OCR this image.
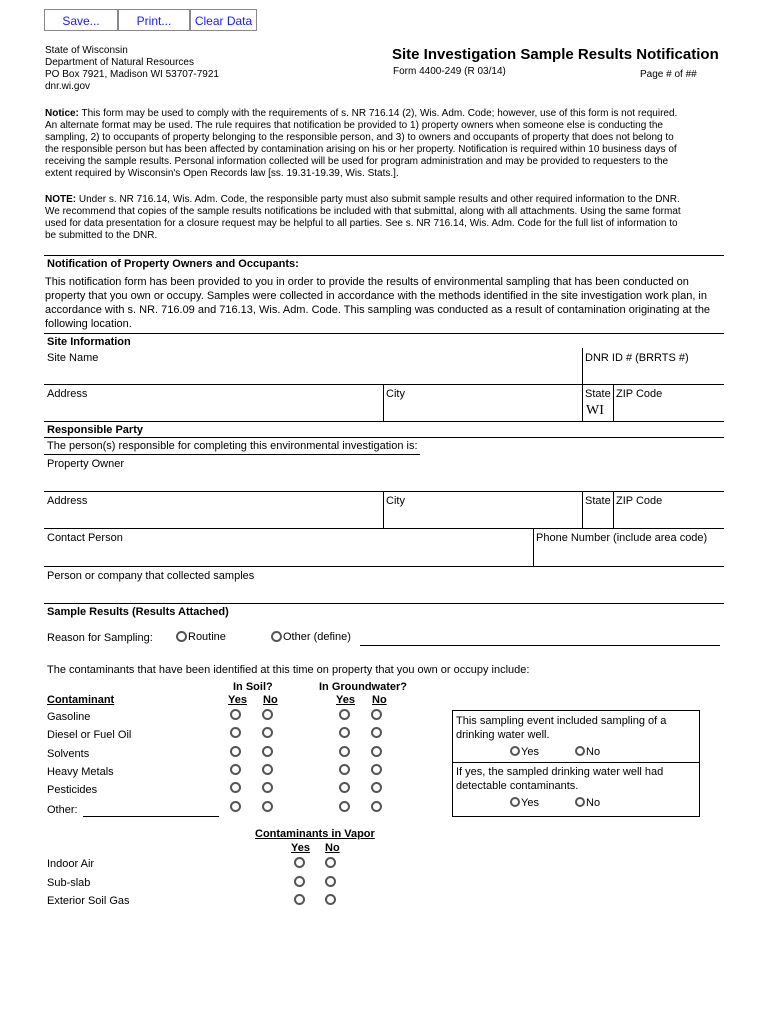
Save...	Print...	Clear Data
State of Wisconsin
Department of Natural Resources
PO Box 7921, Madison WI 53707-7921
dnr.wi.gov
Site Investigation Sample Results Notification
Form 4400-249 (R 03/14)	Page # of ##
Notice: This form may be used to comply with the requirements of s. NR 716.14 (2), Wis. Adm. Code; however, use of this form is not required.
An alternate format may be used. The rule requires that notification be provided to 1) property owners when someone else is conducting the
sampling, 2) to occupants of property belonging to the responsible person, and 3) to owners and occupants of property that does not belong to
the responsible person but has been affected by contamination arising on his or her property. Notification is required within 10 business days of
receiving the sample results. Personal information collected will be used for program administration and may be provided to requesters to the
extent required by Wisconsin's Open Records law [ss. 19.31-19.39, Wis. Stats.].
NOTE: Under s. NR 716.14, Wis. Adm. Code, the responsible party must also submit sample results and other required information to the DNR.
We recommend that copies of the sample results notifications be included with that submittal, along with all attachments. Using the same format
used for data presentation for a closure request may be helpful to all parties. See s. NR 716.14, Wis. Adm. Code for the full list of information to
be submitted to the DNR.
Notification of Property Owners and Occupants:
This notification form has been provided to you in order to provide the results of environmental sampling that has been conducted on
property that you own or occupy. Samples were collected in accordance with the methods identified in the site investigation work plan, in
accordance with s. NR. 716.09 and 716.13, Wis. Adm. Code. This sampling was conducted as a result of contamination originating at the
following location.
Site Information
Site Name	DNR ID # (BRRTS #)
Address	City	State ZIP Code
WI
Responsible Party
The person(s) responsible for completing this environmental investigation is:
Property Owner
Address	City	State ZIP Code
Contact Person	Phone Number (include area code)
Person or company that collected samples
Sample Results (Results Attached)
Reason for Sampling:	Routine	Other (define)
The contaminants that have been identified at this time on property that you own or occupy include:
In Soil?	In Groundwater?
Contaminant	Yes No	Yes No
Gasoline
Diesel or Fuel Oil
Solvents
Heavy Metals
Pesticides
Other:
This sampling event included sampling of a
drinking water well.
Yes	No
If yes, the sampled drinking water well had
detectable contaminants.
Yes	No
Contaminants in Vapor
Yes No
Indoor Air
Sub-slab
Exterior Soil Gas
